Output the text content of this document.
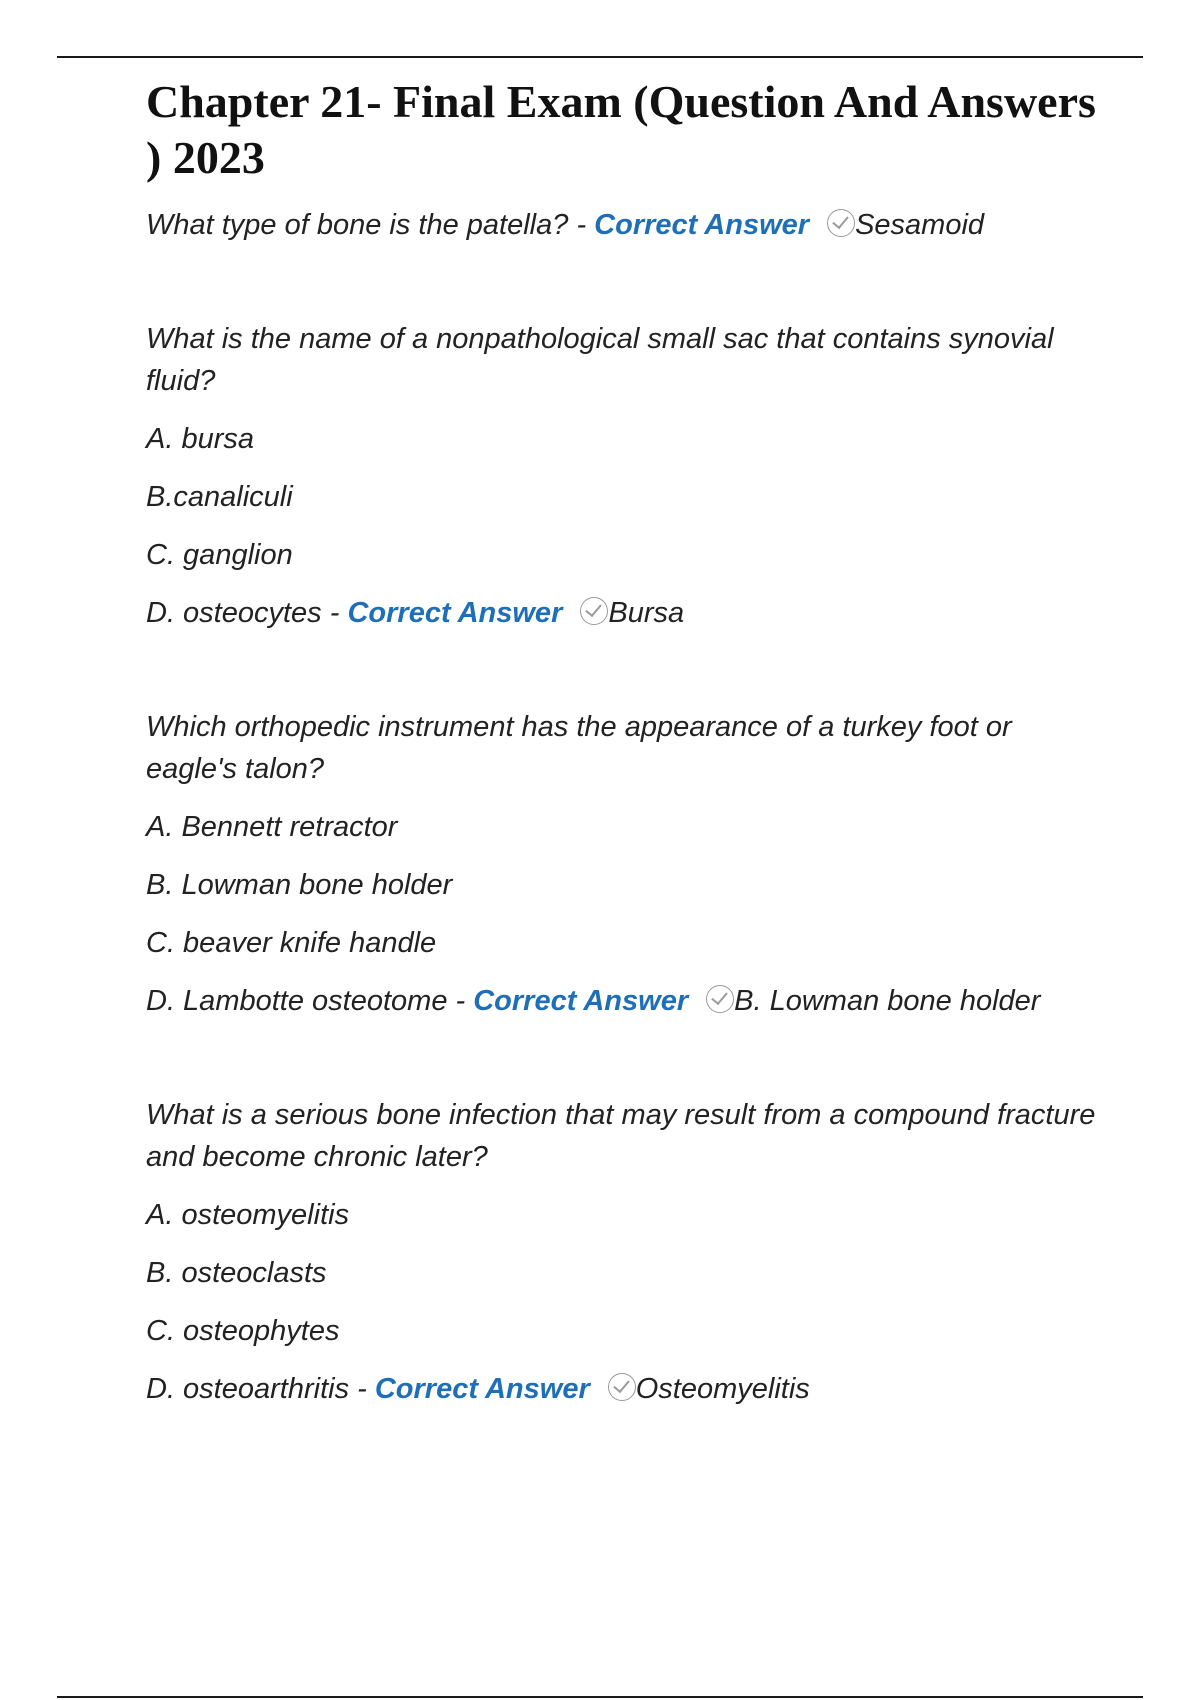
Chapter 21- Final Exam (Question And Answers ) 2023

What type of bone is the patella? - Correct Answer Sesamoid

What is the name of a nonpathological small sac that contains synovial fluid?

A. bursa

B.canaliculi

C. ganglion

D. osteocytes - Correct Answer Bursa

Which orthopedic instrument has the appearance of a turkey foot or eagle's talon?

A. Bennett retractor

B. Lowman bone holder

C. beaver knife handle

D. Lambotte osteotome - Correct Answer B. Lowman bone holder

What is a serious bone infection that may result from a compound fracture and become chronic later?

A. osteomyelitis

B. osteoclasts

C. osteophytes

D. osteoarthritis - Correct Answer Osteomyelitis
